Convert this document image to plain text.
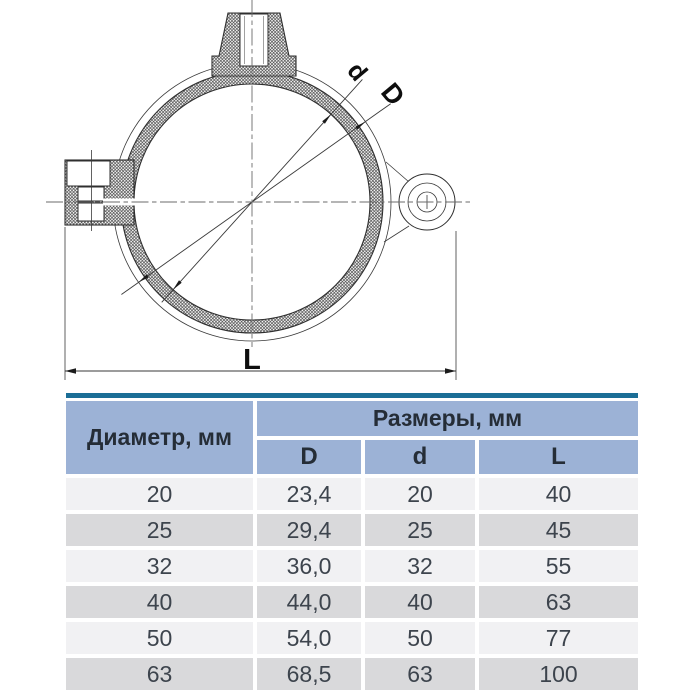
d
D
L
Диаметр, мм
Размеры, мм
D	d	L
20	23,4	20	40
25	29,4	25	45
32	36,0	32	55
40	44,0	40	63
50	54,0	50	77
63	68,5	63	100
